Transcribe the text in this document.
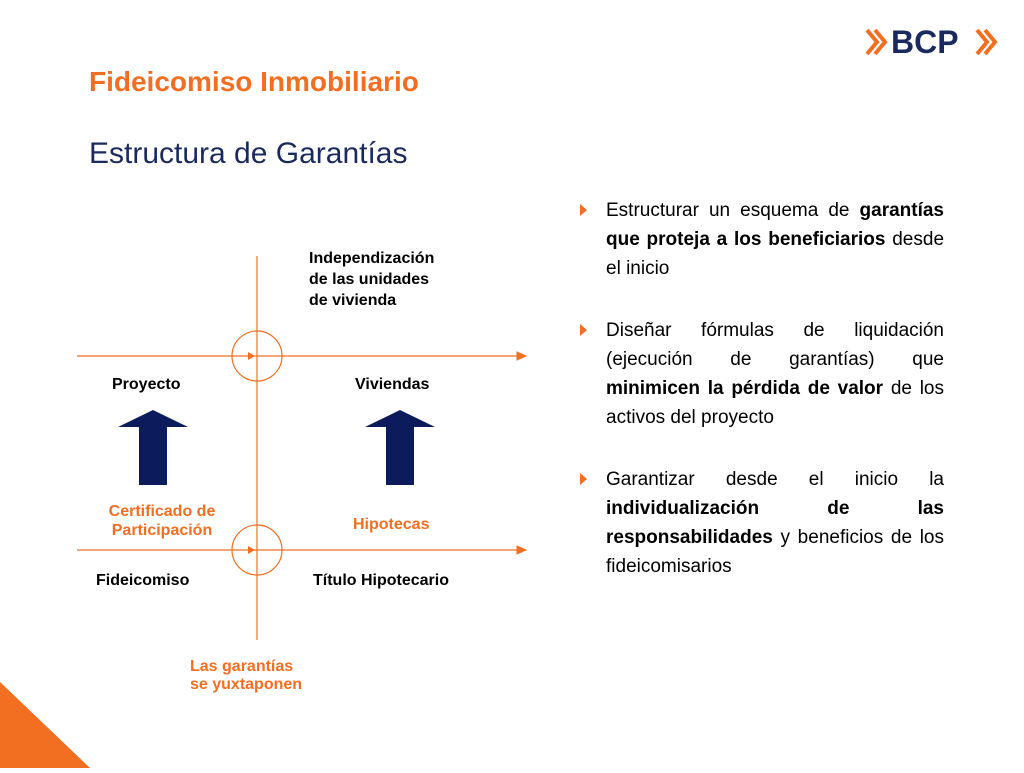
Fideicomiso Inmobiliario
Estructura de Garantías
BCP
Independización
de las unidades
de vivienda
Proyecto	Viviendas
Certificado de
Participación	Hipotecas
Fideicomiso	Título Hipotecario
Las garantías
se yuxtaponen
Estructurar un esquema de garantías que proteja a los beneficiarios desde el inicio
Diseñar fórmulas de liquidación (ejecución de garantías) que minimicen la pérdida de valor de los activos del proyecto
Garantizar desde el inicio la individualización de las responsabilidades y beneficios de los fideicomisarios
